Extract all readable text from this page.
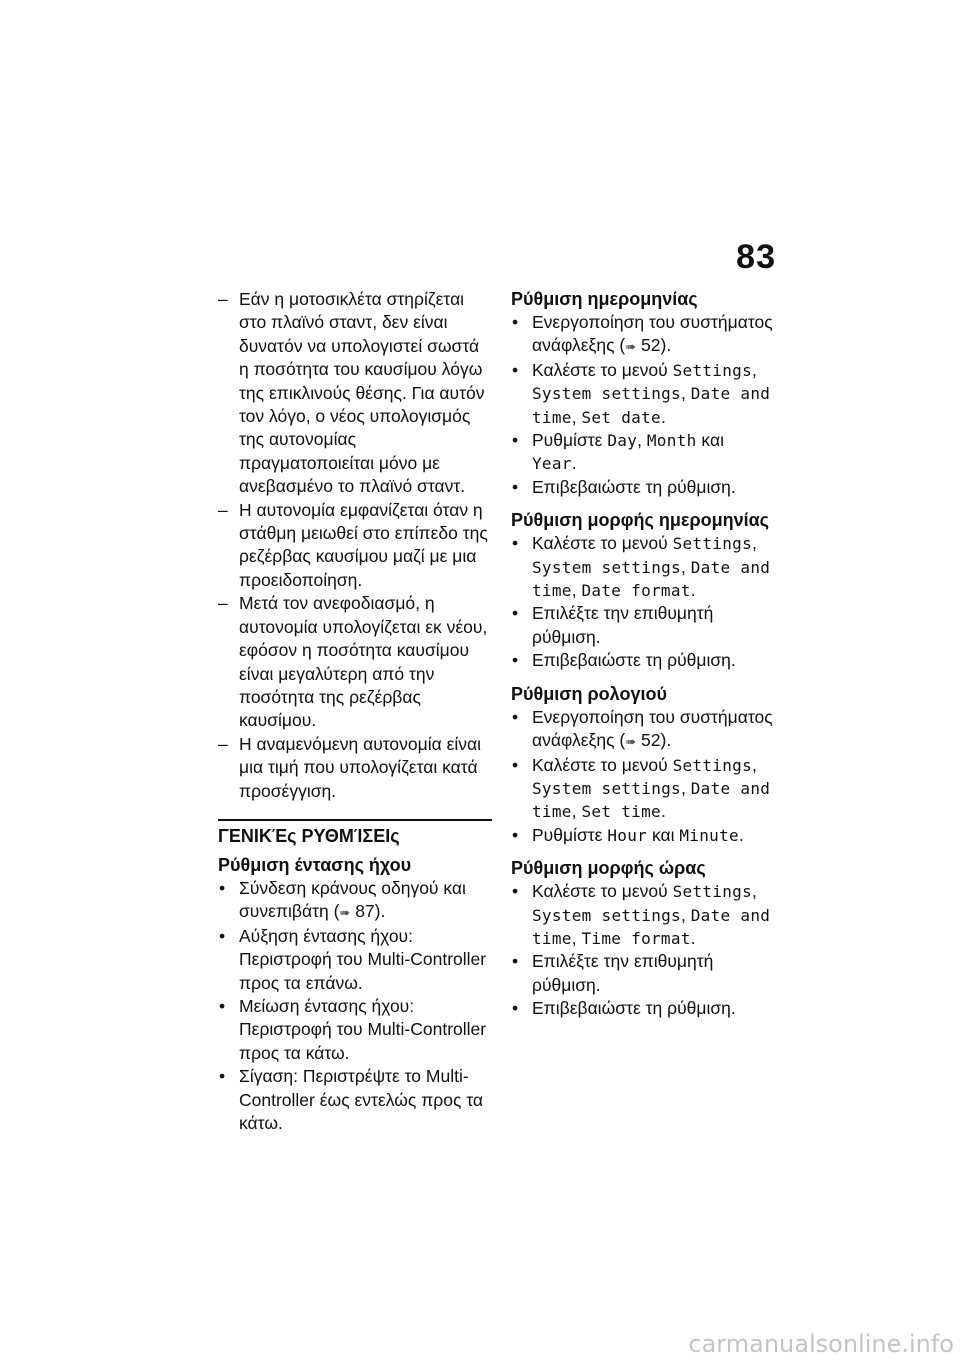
83
– Εάν η μοτοσικλέτα στηρίζεται στο πλαϊνό σταντ, δεν είναι δυνατόν να υπολογιστεί σωστά η ποσότητα του καυσίμου λόγω της επικλινούς θέσης. Για αυτόν τον λόγο, ο νέος υπολογισμός της αυτονομίας πραγματοποιείται μόνο με ανεβασμένο το πλαϊνό σταντ.
– Η αυτονομία εμφανίζεται όταν η στάθμη μειωθεί στο επίπεδο της ρεζέρβας καυσίμου μαζί με μια προειδοποίηση.
– Μετά τον ανεφοδιασμό, η αυτονομία υπολογίζεται εκ νέου, εφόσον η ποσότητα καυσίμου είναι μεγαλύτερη από την ποσότητα της ρεζέρβας καυσίμου.
– Η αναμενόμενη αυτονομία είναι μια τιμή που υπολογίζεται κατά προσέγγιση.
ΓΕΝΙΚΈς ΡΥΘΜΊΣΕΙς
Ρύθμιση έντασης ήχου
• Σύνδεση κράνους οδηγού και συνεπιβάτη (➠ 87).
• Αύξηση έντασης ήχου: Περιστροφή του Multi-Controller προς τα επάνω.
• Μείωση έντασης ήχου: Περιστροφή του Multi-Controller προς τα κάτω.
• Σίγαση: Περιστρέψτε το Multi-Controller έως εντελώς προς τα κάτω.
Ρύθμιση ημερομηνίας
• Ενεργοποίηση του συστήματος ανάφλεξης (➠ 52).
• Καλέστε το μενού Settings, System settings, Date and time, Set date.
• Ρυθμίστε Day, Month και Year.
• Επιβεβαιώστε τη ρύθμιση.
Ρύθμιση μορφής ημερομηνίας
• Καλέστε το μενού Settings, System settings, Date and time, Date format.
• Επιλέξτε την επιθυμητή ρύθμιση.
• Επιβεβαιώστε τη ρύθμιση.
Ρύθμιση ρολογιού
• Ενεργοποίηση του συστήματος ανάφλεξης (➠ 52).
• Καλέστε το μενού Settings, System settings, Date and time, Set time.
• Ρυθμίστε Hour και Minute.
Ρύθμιση μορφής ώρας
• Καλέστε το μενού Settings, System settings, Date and time, Time format.
• Επιλέξτε την επιθυμητή ρύθμιση.
• Επιβεβαιώστε τη ρύθμιση.
carmanualsonline.info
